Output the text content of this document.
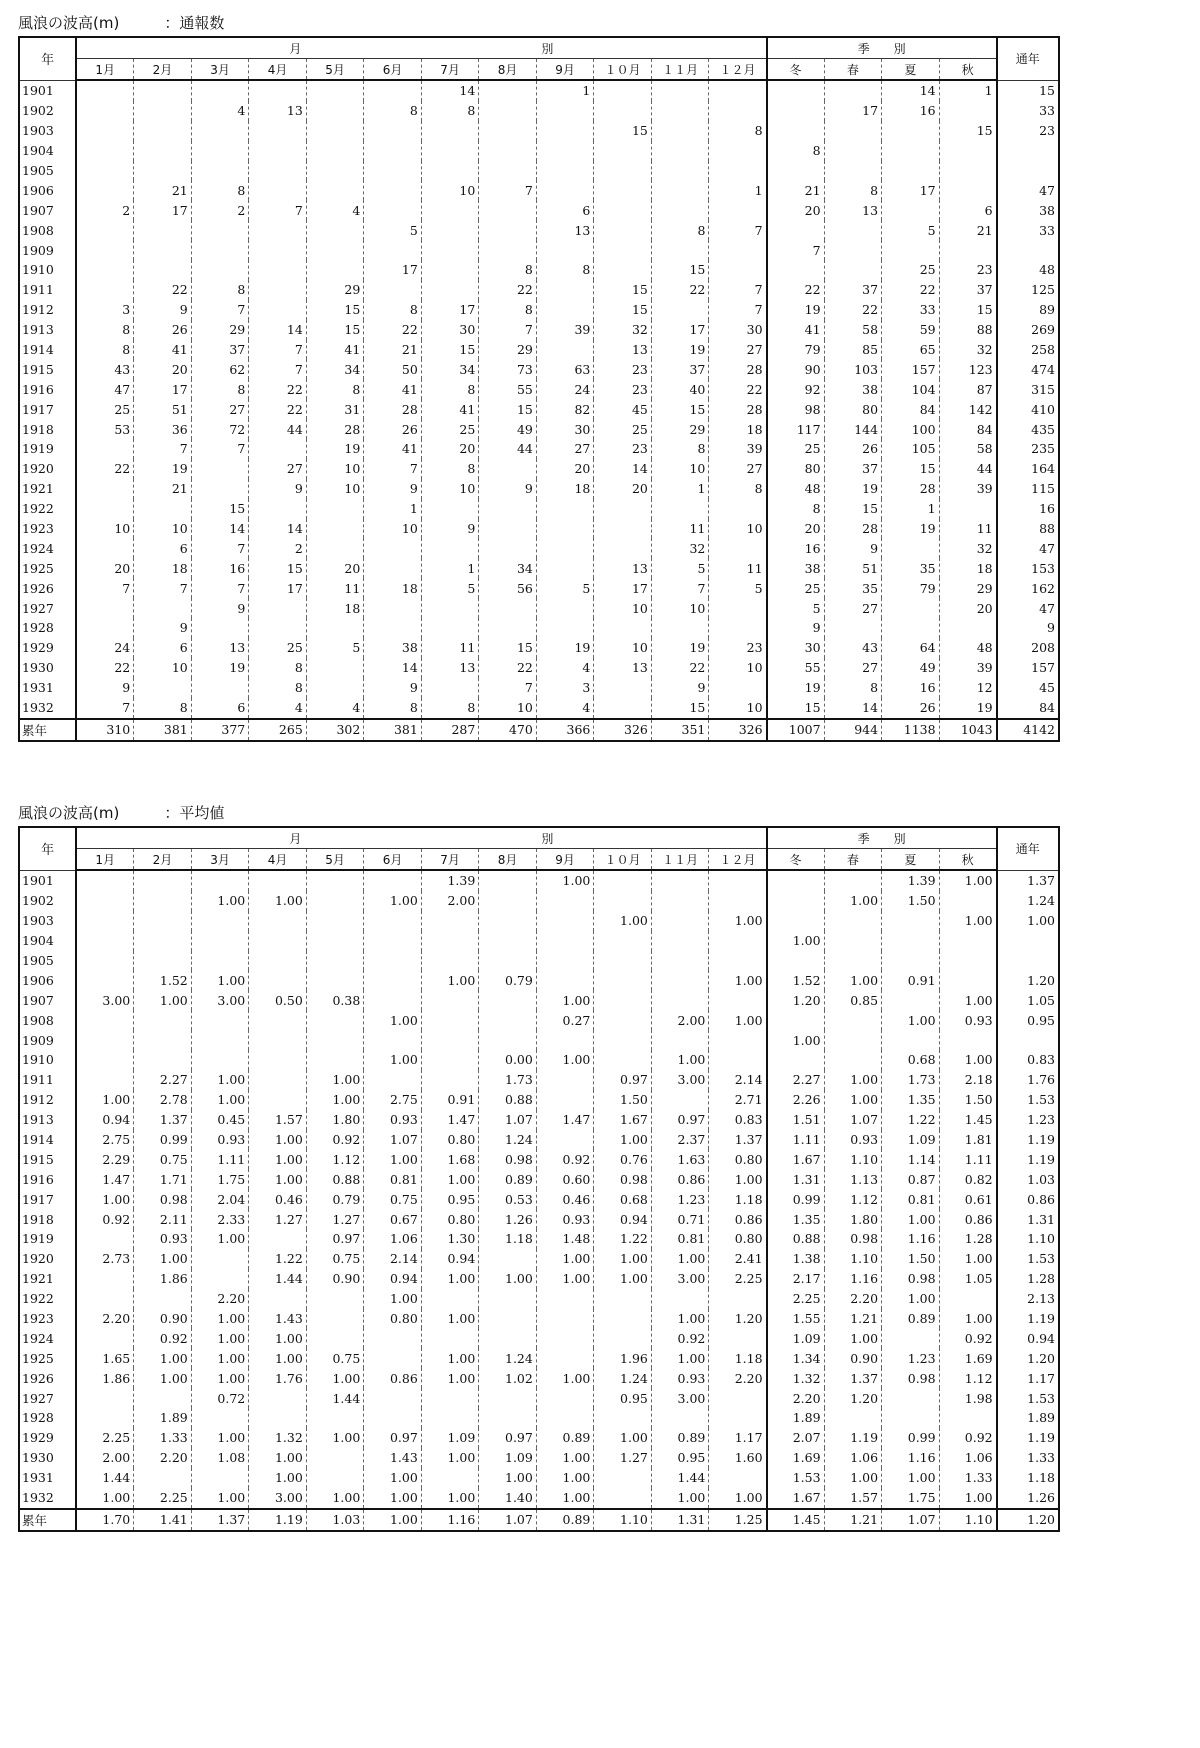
風浪の波高(m)　　　：通報数
年	月　　　　　　　　　　　　　　　　　　　　別												季　　別				通年
	1月	2月	3月	4月	5月	6月	7月	8月	9月	１０月	１１月	１２月	冬	春	夏	秋	
1901							14		1						14	1	15
1902			4	13		8	8							17	16		33
1903										15		8				15	23
1904													8				
1905																	
1906		21	8				10	7				1	21	8	17		47
1907	2	17	2	7	4				6				20	13		6	38
1908						5			13		8	7			5	21	33
1909													7				
1910						17		8	8		15				25	23	48
1911		22	8		29			22		15	22	7	22	37	22	37	125
1912	3	9	7		15	8	17	8		15		7	19	22	33	15	89
1913	8	26	29	14	15	22	30	7	39	32	17	30	41	58	59	88	269
1914	8	41	37	7	41	21	15	29		13	19	27	79	85	65	32	258
1915	43	20	62	7	34	50	34	73	63	23	37	28	90	103	157	123	474
1916	47	17	8	22	8	41	8	55	24	23	40	22	92	38	104	87	315
1917	25	51	27	22	31	28	41	15	82	45	15	28	98	80	84	142	410
1918	53	36	72	44	28	26	25	49	30	25	29	18	117	144	100	84	435
1919		7	7		19	41	20	44	27	23	8	39	25	26	105	58	235
1920	22	19		27	10	7	8		20	14	10	27	80	37	15	44	164
1921		21		9	10	9	10	9	18	20	1	8	48	19	28	39	115
1922			15			1							8	15	1		16
1923	10	10	14	14		10	9				11	10	20	28	19	11	88
1924		6	7	2							32		16	9		32	47
1925	20	18	16	15	20		1	34		13	5	11	38	51	35	18	153
1926	7	7	7	17	11	18	5	56	5	17	7	5	25	35	79	29	162
1927			9		18					10	10		5	27		20	47
1928		9											9				9
1929	24	6	13	25	5	38	11	15	19	10	19	23	30	43	64	48	208
1930	22	10	19	8		14	13	22	4	13	22	10	55	27	49	39	157
1931	9			8		9		7	3		9		19	8	16	12	45
1932	7	8	6	4	4	8	8	10	4		15	10	15	14	26	19	84
累年	310	381	377	265	302	381	287	470	366	326	351	326	1007	944	1138	1043	4142
風浪の波高(m)　　　：平均値
年	月　　　　　　　　　　　　　　　　　　　　別												季　　別				通年
	1月	2月	3月	4月	5月	6月	7月	8月	9月	１０月	１１月	１２月	冬	春	夏	秋	
1901							1.39		1.00						1.39	1.00	1.37
1902			1.00	1.00		1.00	2.00							1.00	1.50		1.24
1903										1.00		1.00				1.00	1.00
1904													1.00				
1905																	
1906		1.52	1.00				1.00	0.79				1.00	1.52	1.00	0.91		1.20
1907	3.00	1.00	3.00	0.50	0.38				1.00				1.20	0.85		1.00	1.05
1908						1.00			0.27		2.00	1.00			1.00	0.93	0.95
1909													1.00				
1910						1.00		0.00	1.00		1.00				0.68	1.00	0.83
1911		2.27	1.00		1.00			1.73		0.97	3.00	2.14	2.27	1.00	1.73	2.18	1.76
1912	1.00	2.78	1.00		1.00	2.75	0.91	0.88		1.50		2.71	2.26	1.00	1.35	1.50	1.53
1913	0.94	1.37	0.45	1.57	1.80	0.93	1.47	1.07	1.47	1.67	0.97	0.83	1.51	1.07	1.22	1.45	1.23
1914	2.75	0.99	0.93	1.00	0.92	1.07	0.80	1.24		1.00	2.37	1.37	1.11	0.93	1.09	1.81	1.19
1915	2.29	0.75	1.11	1.00	1.12	1.00	1.68	0.98	0.92	0.76	1.63	0.80	1.67	1.10	1.14	1.11	1.19
1916	1.47	1.71	1.75	1.00	0.88	0.81	1.00	0.89	0.60	0.98	0.86	1.00	1.31	1.13	0.87	0.82	1.03
1917	1.00	0.98	2.04	0.46	0.79	0.75	0.95	0.53	0.46	0.68	1.23	1.18	0.99	1.12	0.81	0.61	0.86
1918	0.92	2.11	2.33	1.27	1.27	0.67	0.80	1.26	0.93	0.94	0.71	0.86	1.35	1.80	1.00	0.86	1.31
1919		0.93	1.00		0.97	1.06	1.30	1.18	1.48	1.22	0.81	0.80	0.88	0.98	1.16	1.28	1.10
1920	2.73	1.00		1.22	0.75	2.14	0.94		1.00	1.00	1.00	2.41	1.38	1.10	1.50	1.00	1.53
1921		1.86		1.44	0.90	0.94	1.00	1.00	1.00	1.00	3.00	2.25	2.17	1.16	0.98	1.05	1.28
1922			2.20			1.00							2.25	2.20	1.00		2.13
1923	2.20	0.90	1.00	1.43		0.80	1.00				1.00	1.20	1.55	1.21	0.89	1.00	1.19
1924		0.92	1.00	1.00							0.92		1.09	1.00		0.92	0.94
1925	1.65	1.00	1.00	1.00	0.75		1.00	1.24		1.96	1.00	1.18	1.34	0.90	1.23	1.69	1.20
1926	1.86	1.00	1.00	1.76	1.00	0.86	1.00	1.02	1.00	1.24	0.93	2.20	1.32	1.37	0.98	1.12	1.17
1927			0.72		1.44					0.95	3.00		2.20	1.20		1.98	1.53
1928		1.89											1.89				1.89
1929	2.25	1.33	1.00	1.32	1.00	0.97	1.09	0.97	0.89	1.00	0.89	1.17	2.07	1.19	0.99	0.92	1.19
1930	2.00	2.20	1.08	1.00		1.43	1.00	1.09	1.00	1.27	0.95	1.60	1.69	1.06	1.16	1.06	1.33
1931	1.44			1.00		1.00		1.00	1.00		1.44		1.53	1.00	1.00	1.33	1.18
1932	1.00	2.25	1.00	3.00	1.00	1.00	1.00	1.40	1.00		1.00	1.00	1.67	1.57	1.75	1.00	1.26
累年	1.70	1.41	1.37	1.19	1.03	1.00	1.16	1.07	0.89	1.10	1.31	1.25	1.45	1.21	1.07	1.10	1.20
